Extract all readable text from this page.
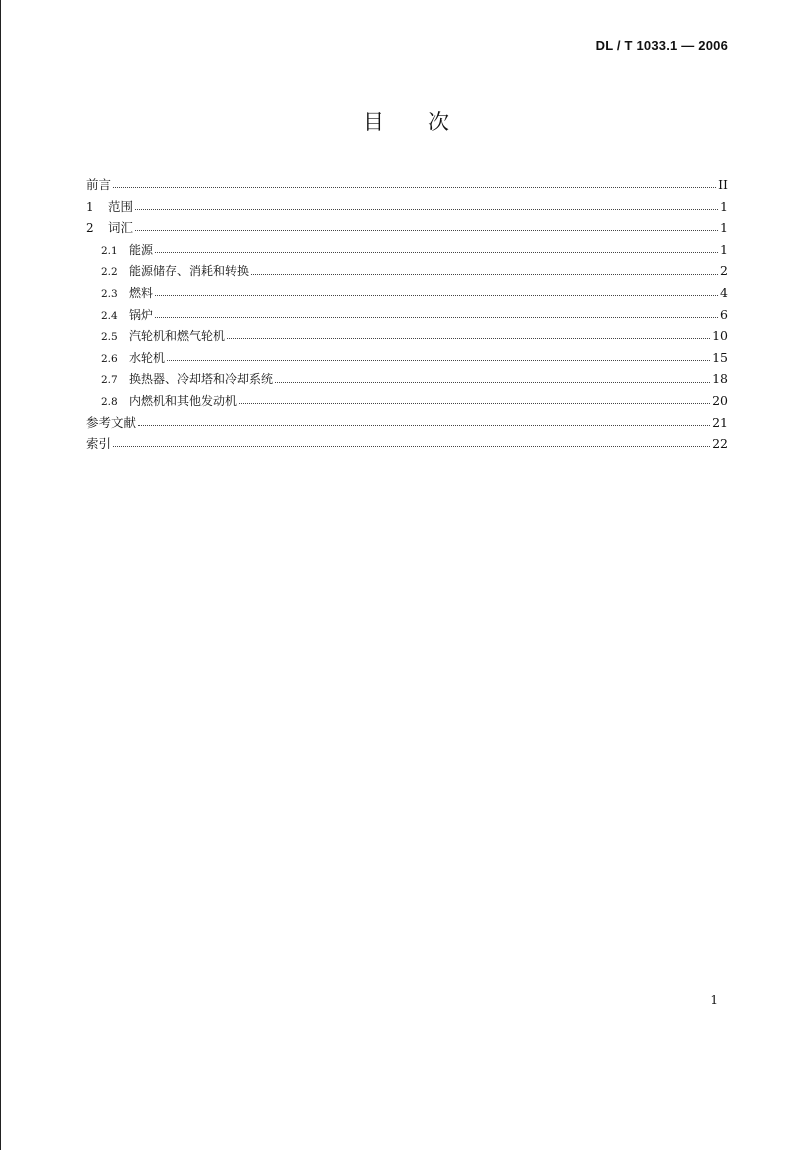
DL / T 1033.1 — 2006
目次
前言	II
1	范围	1
2	词汇	1
2.1 能源	1
2.2 能源储存、消耗和转换	2
2.3 燃料	4
2.4 锅炉	6
2.5 汽轮机和燃气轮机	10
2.6 水轮机	15
2.7 换热器、冷却塔和冷却系统	18
2.8 内燃机和其他发动机	20
参考文献	21
索引	22
1
